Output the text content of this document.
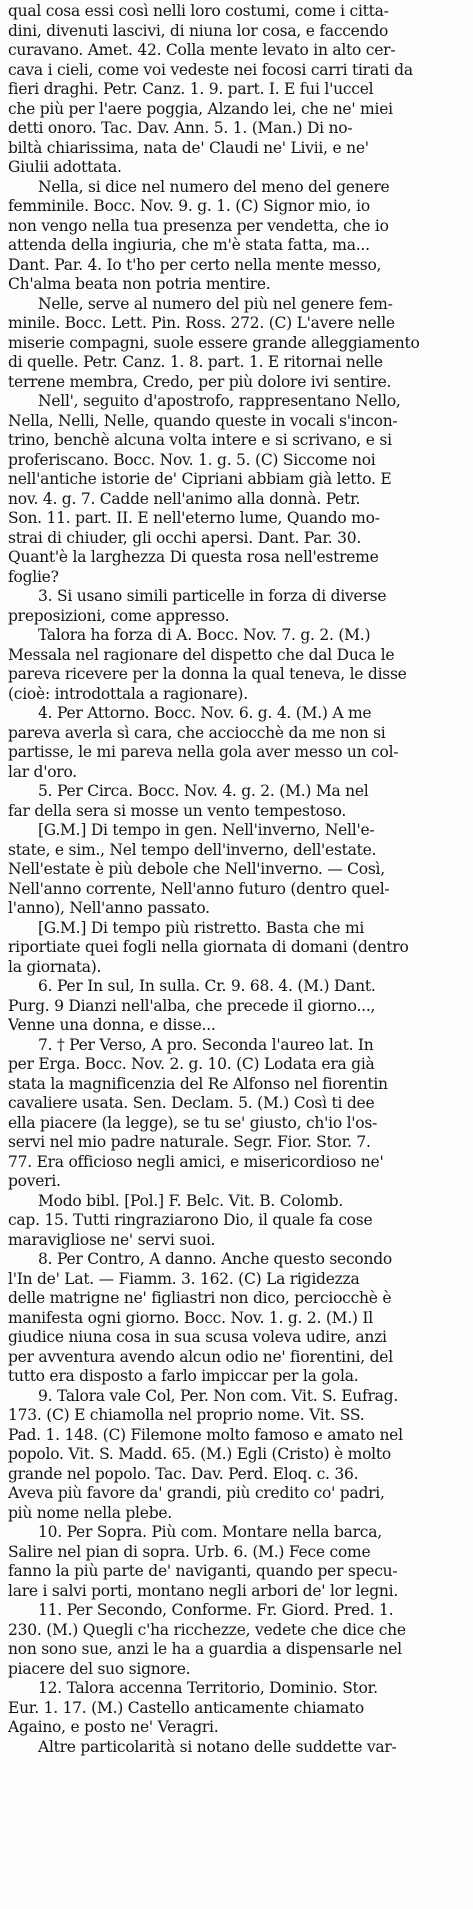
qual cosa essi così nelli loro costumi, come i citta-
dini, divenuti lascivi, di niuna lor cosa, e faccendo
curavano. Amet. 42. Colla mente levato in alto cer-
cava i cieli, come voi vedeste nei focosi carri tirati da
fieri draghi. Petr. Canz. 1. 9. part. I. E fui l'uccel
che più per l'aere poggia, Alzando lei, che ne' miei
detti onoro. Tac. Dav. Ann. 5. 1. (Man.) Di no-
biltà chiarissima, nata de' Claudi ne' Livii, e ne'
Giulii adottata.
Nella, si dice nel numero del meno del genere
femminile. Bocc. Nov. 9. g. 1. (C) Signor mio, io
non vengo nella tua presenza per vendetta, che io
attenda della ingiuria, che m'è stata fatta, ma...
Dant. Par. 4. Io t'ho per certo nella mente messo,
Ch'alma beata non potria mentire.
Nelle, serve al numero del più nel genere fem-
minile. Bocc. Lett. Pin. Ross. 272. (C) L'avere nelle
miserie compagni, suole essere grande alleggiamento
di quelle. Petr. Canz. 1. 8. part. 1. E ritornai nelle
terrene membra, Credo, per più dolore ivi sentire.
Nell', seguito d'apostrofo, rappresentano Nello,
Nella, Nelli, Nelle, quando queste in vocali s'incon-
trino, benchè alcuna volta intere e si scrivano, e si
proferiscano. Bocc. Nov. 1. g. 5. (C) Siccome noi
nell'antiche istorie de' Cipriani abbiam già letto. E
nov. 4. g. 7. Cadde nell'animo alla donnà. Petr.
Son. 11. part. II. E nell'eterno lume, Quando mo-
strai di chiuder, gli occhi apersi. Dant. Par. 30.
Quant'è la larghezza Di questa rosa nell'estreme
foglie?
3. Si usano simili particelle in forza di diverse
preposizioni, come appresso.
Talora ha forza di A. Bocc. Nov. 7. g. 2. (M.)
Messala nel ragionare del dispetto che dal Duca le
pareva ricevere per la donna la qual teneva, le disse
(cioè: introdottala a ragionare).
4. Per Attorno. Bocc. Nov. 6. g. 4. (M.) A me
pareva averla sì cara, che acciocchè da me non si
partisse, le mi pareva nella gola aver messo un col-
lar d'oro.
5. Per Circa. Bocc. Nov. 4. g. 2. (M.) Ma nel
far della sera si mosse un vento tempestoso.
[G.M.] Di tempo in gen. Nell'inverno, Nell'e-
state, e sim., Nel tempo dell'inverno, dell'estate.
Nell'estate è più debole che Nell'inverno. — Così,
Nell'anno corrente, Nell'anno futuro (dentro quel-
l'anno), Nell'anno passato.
[G.M.] Di tempo più ristretto. Basta che mi
riportiate quei fogli nella giornata di domani (dentro
la giornata).
6. Per In sul, In sulla. Cr. 9. 68. 4. (M.) Dant.
Purg. 9 Dianzi nell'alba, che precede il giorno...,
Venne una donna, e disse...
7. † Per Verso, A pro. Seconda l'aureo lat. In
per Erga. Bocc. Nov. 2. g. 10. (C) Lodata era già
stata la magnificenzia del Re Alfonso nel fiorentin
cavaliere usata. Sen. Declam. 5. (M.) Così ti dee
ella piacere (la legge), se tu se' giusto, ch'io l'os-
servi nel mio padre naturale. Segr. Fior. Stor. 7.
77. Era officioso negli amici, e misericordioso ne'
poveri.
Modo bibl. [Pol.] F. Belc. Vit. B. Colomb.
cap. 15. Tutti ringraziarono Dio, il quale fa cose
maravigliose ne' servi suoi.
8. Per Contro, A danno. Anche questo secondo
l'In de' Lat. — Fiamm. 3. 162. (C) La rigidezza
delle matrigne ne' figliastri non dico, perciocchè è
manifesta ogni giorno. Bocc. Nov. 1. g. 2. (M.) Il
giudice niuna cosa in sua scusa voleva udire, anzi
per avventura avendo alcun odio ne' fiorentini, del
tutto era disposto a farlo impiccar per la gola.
9. Talora vale Col, Per. Non com. Vit. S. Eufrag.
173. (C) E chiamolla nel proprio nome. Vit. SS.
Pad. 1. 148. (C) Filemone molto famoso e amato nel
popolo. Vit. S. Madd. 65. (M.) Egli (Cristo) è molto
grande nel popolo. Tac. Dav. Perd. Eloq. c. 36.
Aveva più favore da' grandi, più credito co' padri,
più nome nella plebe.
10. Per Sopra. Più com. Montare nella barca,
Salire nel pian di sopra. Urb. 6. (M.) Fece come
fanno la più parte de' naviganti, quando per specu-
lare i salvi porti, montano negli arbori de' lor legni.
11. Per Secondo, Conforme. Fr. Giord. Pred. 1.
230. (M.) Quegli c'ha ricchezze, vedete che dice che
non sono sue, anzi le ha a guardia a dispensarle nel
piacere del suo signore.
12. Talora accenna Territorio, Dominio. Stor.
Eur. 1. 17. (M.) Castello anticamente chiamato
Againo, e posto ne' Veragri.
Altre particolarità si notano delle suddette var-
